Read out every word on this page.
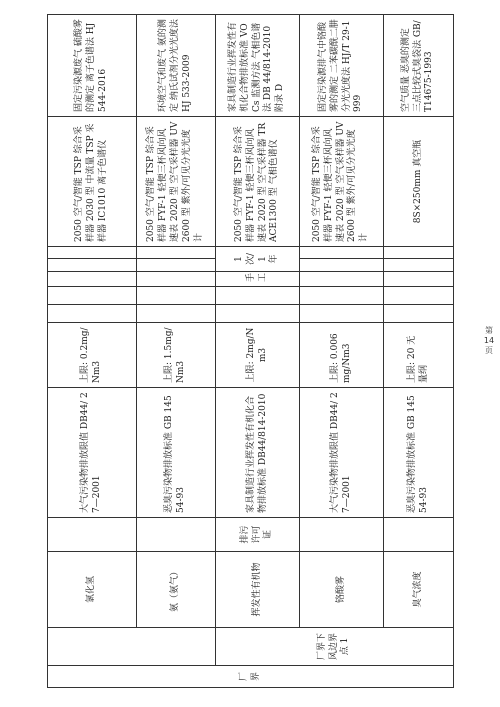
厂界		氯化氢		大气污染物排放限值 DB44/ 27—2001	上限: 0.2mg/Nm3						2050 空气/智能 TSP 综合采样器 2030 型 中流量 TSP 采样器 IC1010 离子色谱仪	固定污染源废气 硫酸雾的测定 离子色谱法 HJ544-2016
		氨（氨气）		恶臭污染物排放标准 GB 14554-93	上限: 1.5mg/Nm3						2050 空气/智能 TSP 综合采样器 FYF-1 轻便三杯风向风速表 2020 型 空气采样器 UV2600 型 紫外/可见分光光度计	环境空气和废气 氨的测定 纳氏试剂分光光度法 HJ 533-2009
	厂界下风边界点 1	挥发性有机物	排污许可证	家具制造行业挥发性有机化合物排放标准 DB44/814-2010	上限: 2mg/Nm3			手工	1 次/1 年		2050 空气/智能 TSP 综合采样器 FYF-1 轻便三杯风向风速表 2020 型 空气采样器 TRACE1300 型 气相色谱仪	家具制造行业挥发性有机化合物排放标准 VOCs 监测方法 气相色谱法 DB 44/814-2010 附录 D
		铬酸雾		大气污染物排放限值 DB44/ 27—2001	上限: 0.006mg/Nm3						2050 空气/智能 TSP 综合采样器 FYF-1 轻便三杯风向风速表 2020 型 空气采样器 UV2600 型 紫外/可见分光光度计	固定污染源排气中铬酸雾的测定 二苯碳酰二肼分光光度法 HJ/T 29-1999
		臭气浓度		恶臭污染物排放标准 GB 14554-93	上限: 20 无量纲						8S×250mm 真空瓶	空气质量 恶臭的测定 三点比较式臭袋法 GB/T14675-1993
第 14 页
